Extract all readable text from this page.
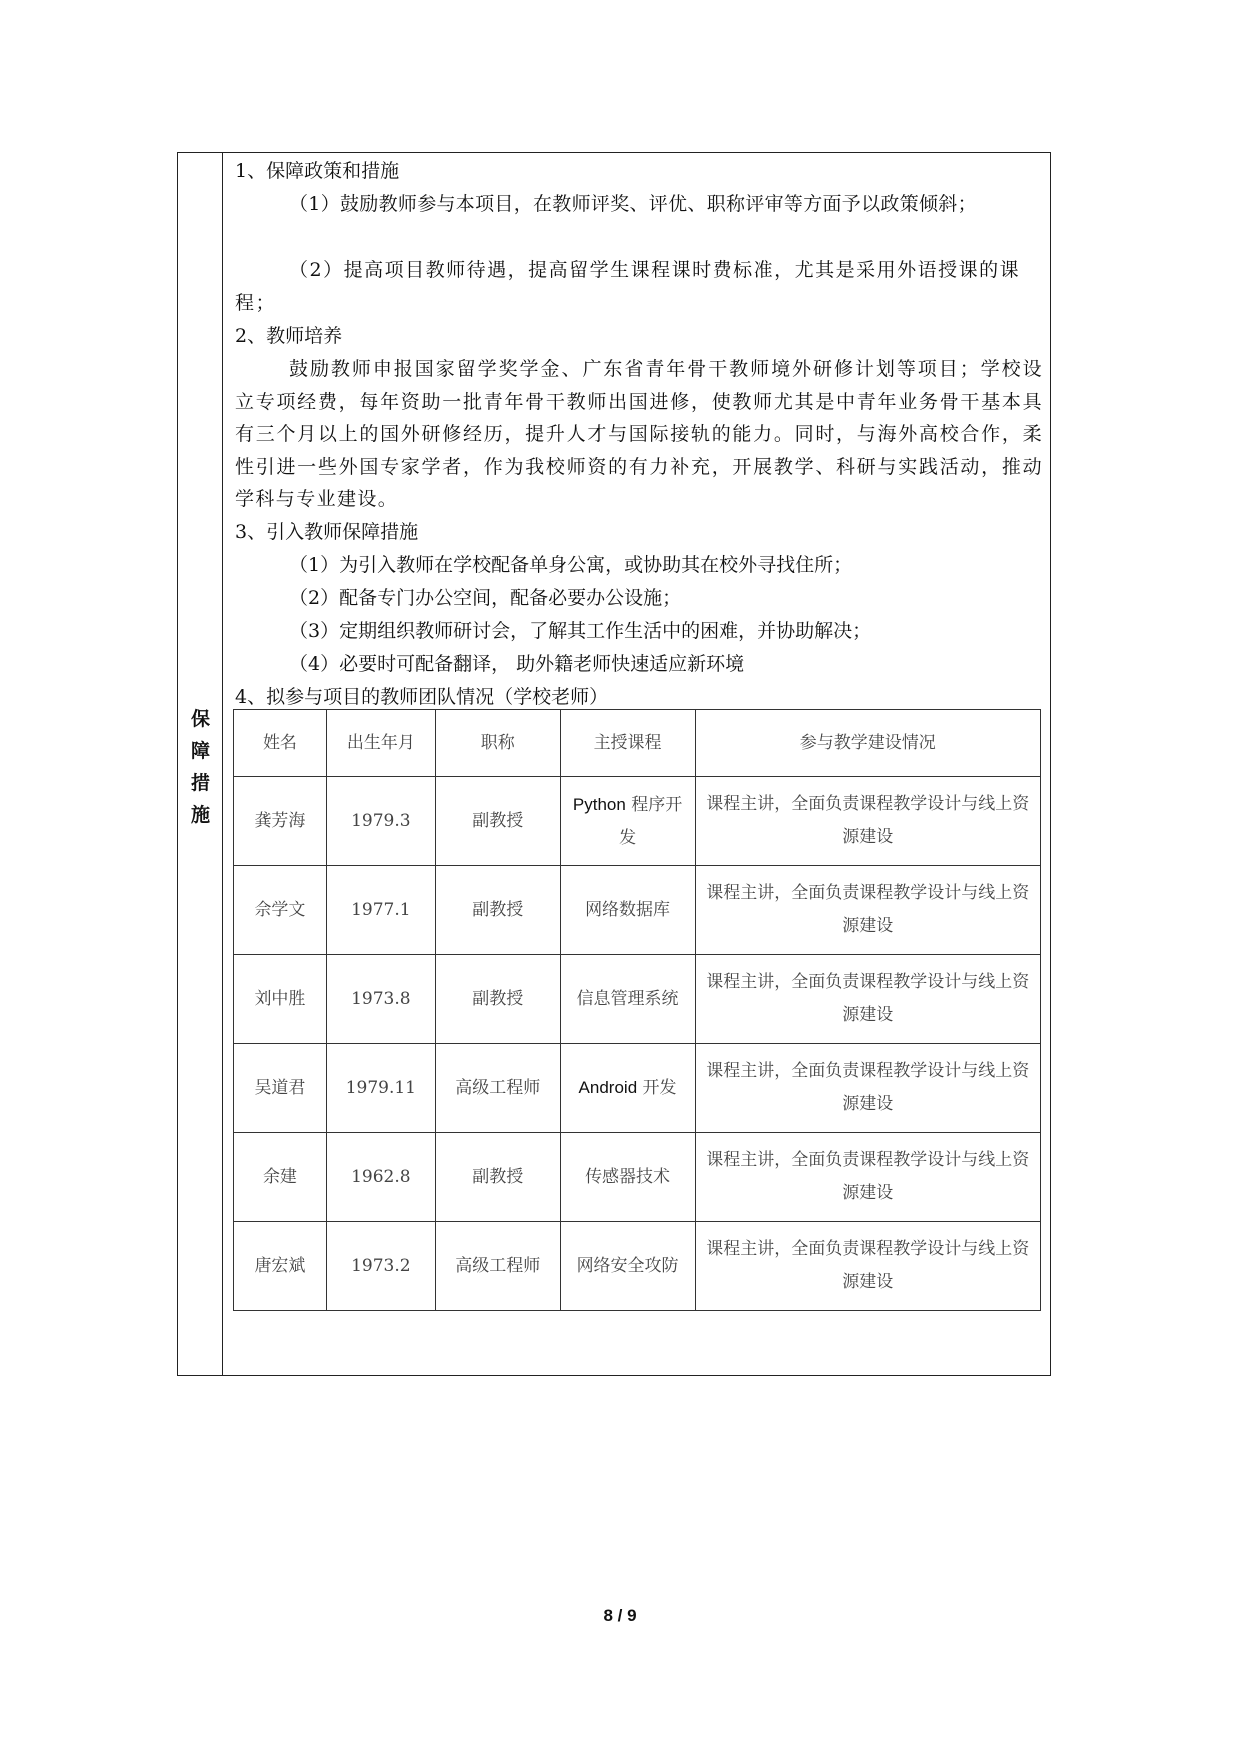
保
障
措
施

1、保障政策和措施

（1）鼓励教师参与本项目，在教师评奖、评优、职称评审等方面予以政策倾斜；

（2）提高项目教师待遇，提高留学生课程课时费标准，尤其是采用外语授课的课程；

2、教师培养

鼓励教师申报国家留学奖学金、广东省青年骨干教师境外研修计划等项目；学校设立专项经费，每年资助一批青年骨干教师出国进修，使教师尤其是中青年业务骨干基本具有三个月以上的国外研修经历，提升人才与国际接轨的能力。同时，与海外高校合作，柔性引进一些外国专家学者，作为我校师资的有力补充，开展教学、科研与实践活动，推动学科与专业建设。

3、引入教师保障措施

（1）为引入教师在学校配备单身公寓，或协助其在校外寻找住所；

（2）配备专门办公空间，配备必要办公设施；

（3）定期组织教师研讨会，了解其工作生活中的困难，并协助解决；

（4）必要时可配备翻译， 助外籍老师快速适应新环境

4、拟参与项目的教师团队情况（学校老师）

姓名	出生年月	职称	主授课程	参与教学建设情况
龚芳海	1979.3	副教授	Python 程序开发	课程主讲，全面负责课程教学设计与线上资源建设
佘学文	1977.1	副教授	网络数据库	课程主讲，全面负责课程教学设计与线上资源建设
刘中胜	1973.8	副教授	信息管理系统	课程主讲，全面负责课程教学设计与线上资源建设
吴道君	1979.11	高级工程师	Android 开发	课程主讲，全面负责课程教学设计与线上资源建设
余建	1962.8	副教授	传感器技术	课程主讲，全面负责课程教学设计与线上资源建设
唐宏斌	1973.2	高级工程师	网络安全攻防	课程主讲，全面负责课程教学设计与线上资源建设
8 / 9
